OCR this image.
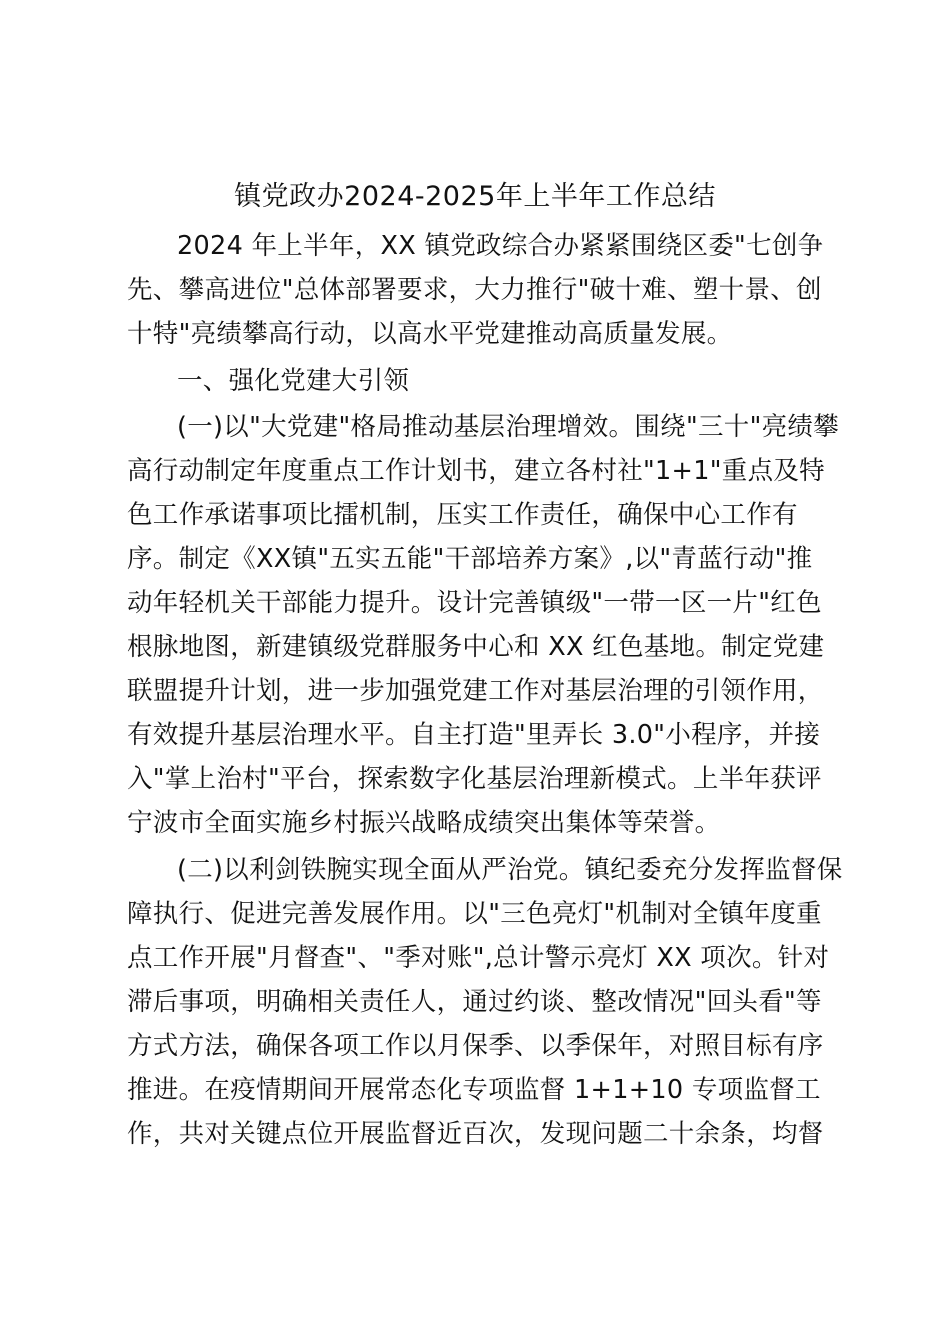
镇党政办2024-2025年上半年工作总结
2024 年上半年，XX 镇党政综合办紧紧围绕区委"七创争
先、攀高进位"总体部署要求，大力推行"破十难、塑十景、创
十特"亮绩攀高行动，以高水平党建推动高质量发展。
一、强化党建大引领
(一)以"大党建"格局推动基层治理增效。围绕"三十"亮绩攀
高行动制定年度重点工作计划书，建立各村社"1+1"重点及特
色工作承诺事项比擂机制，压实工作责任，确保中心工作有
序。制定《XX镇"五实五能"干部培养方案》,以"青蓝行动"推
动年轻机关干部能力提升。设计完善镇级"一带一区一片"红色
根脉地图，新建镇级党群服务中心和 XX 红色基地。制定党建
联盟提升计划，进一步加强党建工作对基层治理的引领作用，
有效提升基层治理水平。自主打造"里弄长 3.0"小程序，并接
入"掌上治村"平台，探索数字化基层治理新模式。上半年获评
宁波市全面实施乡村振兴战略成绩突出集体等荣誉。
(二)以利剑铁腕实现全面从严治党。镇纪委充分发挥监督保
障执行、促进完善发展作用。以"三色亮灯"机制对全镇年度重
点工作开展"月督查"、"季对账",总计警示亮灯 XX 项次。针对
滞后事项，明确相关责任人，通过约谈、整改情况"回头看"等
方式方法，确保各项工作以月保季、以季保年，对照目标有序
推进。在疫情期间开展常态化专项监督 1+1+10 专项监督工
作，共对关键点位开展监督近百次，发现问题二十余条，均督
